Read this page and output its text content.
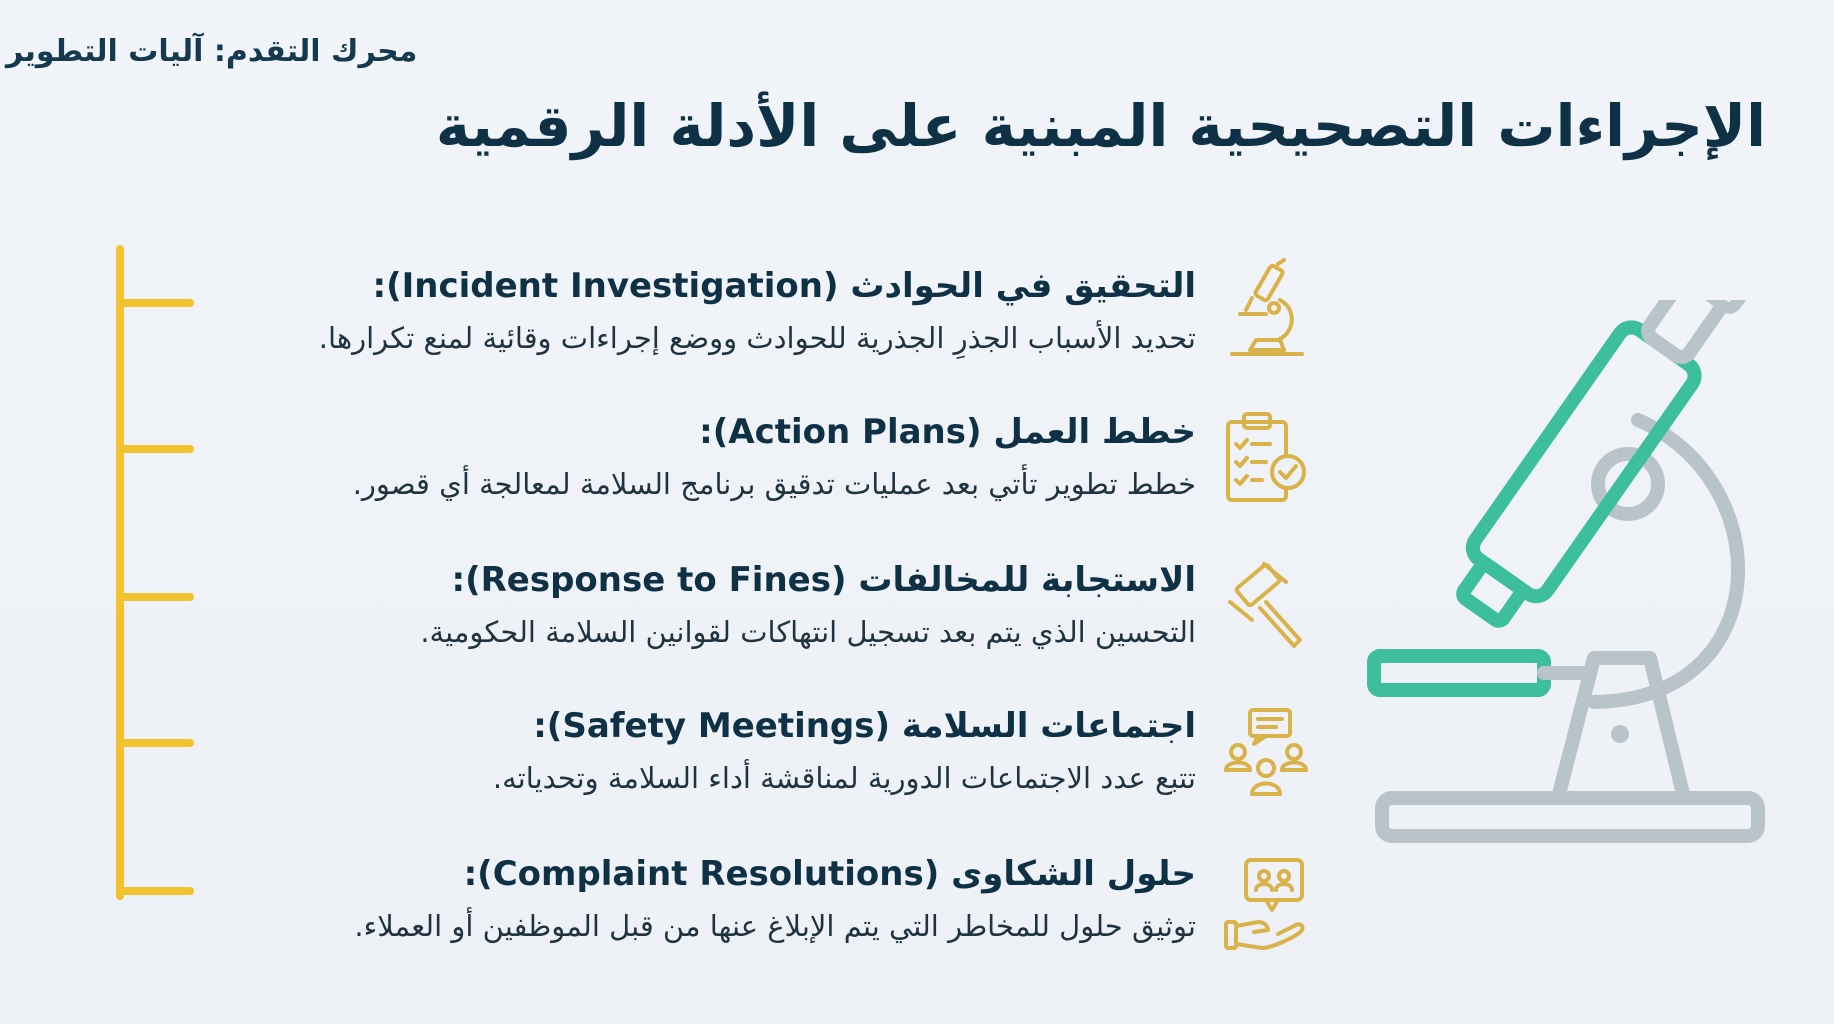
محرك التقدم: آليات التطوير
الإجراءات التصحيحية المبنية على الأدلة الرقمية
التحقيق في الحوادث (Incident Investigation):
تحديد الأسباب الجذرِ الجذرية للحوادث ووضع إجراءات وقائية لمنع تكرارها.
خطط العمل (Action Plans):
خطط تطوير تأتي بعد عمليات تدقيق برنامج السلامة لمعالجة أي قصور.
الاستجابة للمخالفات (Response to Fines):
التحسين الذي يتم بعد تسجيل انتهاكات لقوانين السلامة الحكومية.
اجتماعات السلامة (Safety Meetings):
تتبع عدد الاجتماعات الدورية لمناقشة أداء السلامة وتحدياته.
حلول الشكاوى (Complaint Resolutions):
توثيق حلول للمخاطر التي يتم الإبلاغ عنها من قبل الموظفين أو العملاء.
